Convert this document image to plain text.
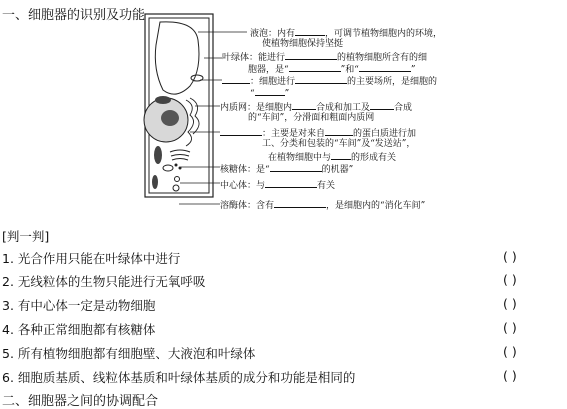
一、细胞器的识别及功能
液泡：内有	，可调节植物细胞内的环境，
使植物细胞保持坚挺
叶绿体：能进行	的植物细胞所含有的细
胞器，是“	”和“	”
：细胞进行	的主要场所，是细胞的
“	”
内质网：是细胞内	合成和加工及	合成
的“车间”，分滑面和粗面内质网
：主要是对来自	的蛋白质进行加
工、分类和包装的“车间”及“发送站”，
在植物细胞中与 的形成有关
核糖体：是“	的机器”
中心体：与	有关
溶酶体：含有	，是细胞内的“消化车间”
[判一判]
1. 光合作用只能在叶绿体中进行	( )
2. 无线粒体的生物只能进行无氧呼吸	( )
3. 有中心体一定是动物细胞	( )
4. 各种正常细胞都有核糖体	( )
5. 所有植物细胞都有细胞壁、大液泡和叶绿体	( )
6. 细胞质基质、线粒体基质和叶绿体基质的成分和功能是相同的	( )
二、细胞器之间的协调配合
